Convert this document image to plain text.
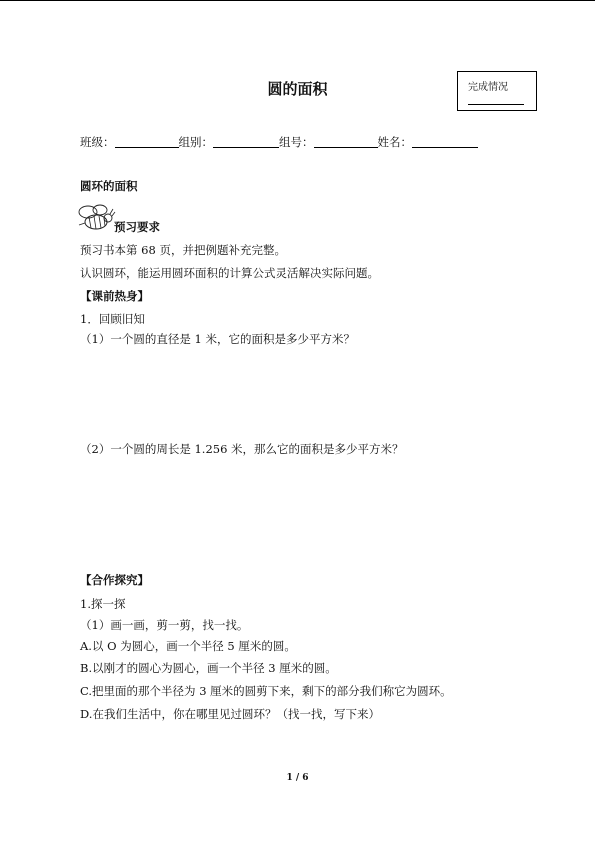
圆的面积	完成情况
班级：	组别：	组号：	姓名：
圆环的面积
预习要求
预习书本第 68 页，并把例题补充完整。
认识圆环，能运用圆环面积的计算公式灵活解决实际问题。
【课前热身】
1．回顾旧知
（1）一个圆的直径是 1 米，它的面积是多少平方米？
（2）一个圆的周长是 1.256 米，那么它的面积是多少平方米？
【合作探究】
1.探一探
（1）画一画，剪一剪，找一找。
A.以 O 为圆心，画一个半径 5 厘米的圆。
B.以刚才的圆心为圆心，画一个半径 3 厘米的圆。
C.把里面的那个半径为 3 厘米的圆剪下来，剩下的部分我们称它为圆环。
D.在我们生活中，你在哪里见过圆环？（找一找，写下来）
1 / 6
